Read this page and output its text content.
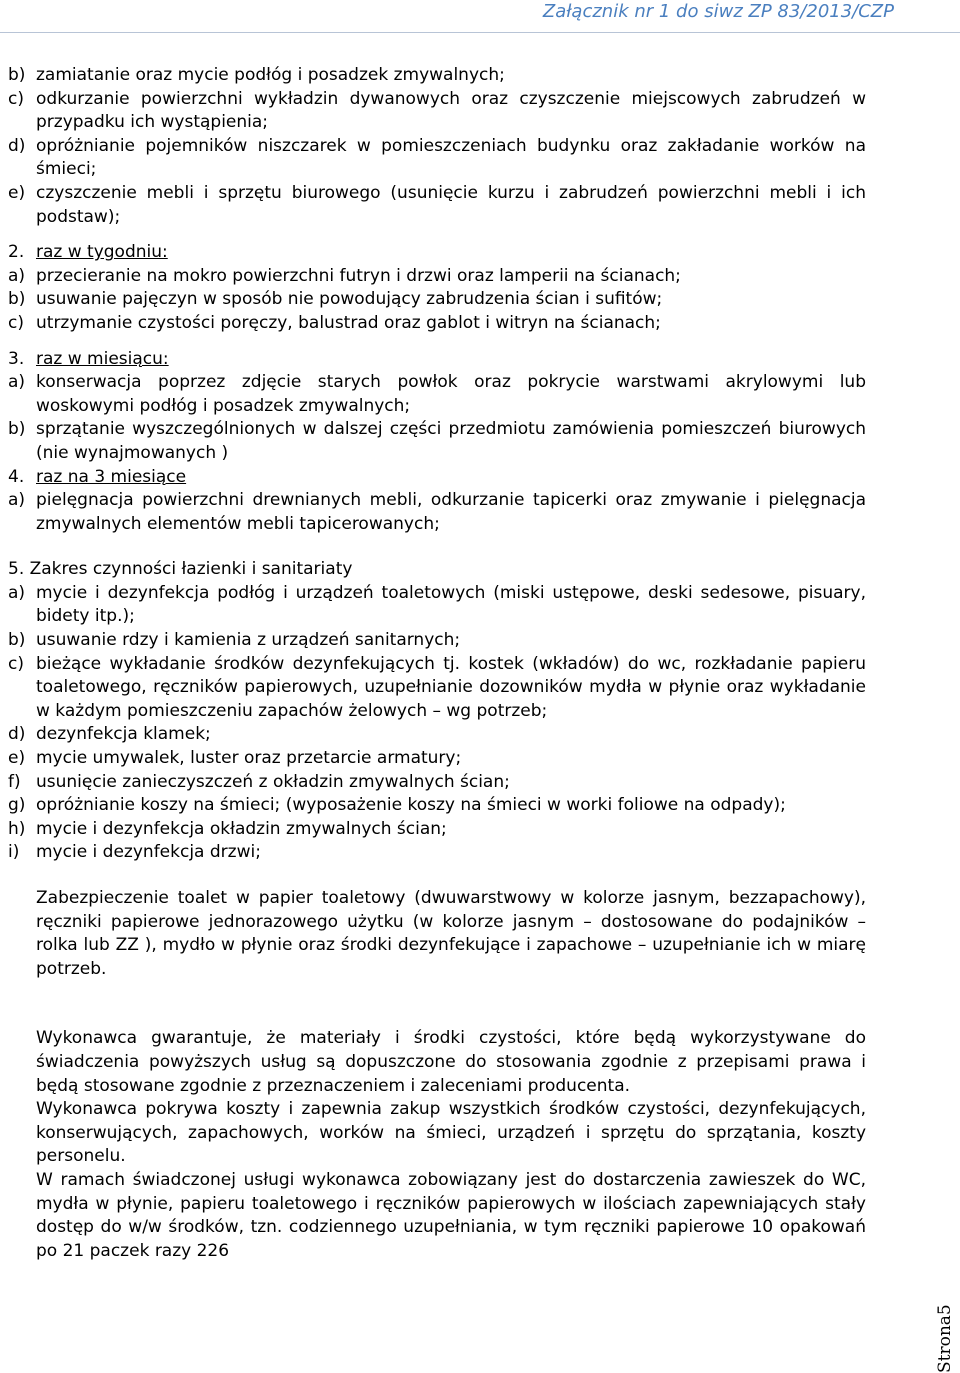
Załącznik nr 1 do siwz ZP 83/2013/CZP
b) zamiatanie oraz mycie podłóg i posadzek zmywalnych;
c) odkurzanie powierzchni wykładzin dywanowych oraz czyszczenie miejscowych zabrudzeń w przypadku ich wystąpienia;
d) opróżnianie pojemników niszczarek w pomieszczeniach budynku oraz zakładanie worków na śmieci;
e) czyszczenie mebli i sprzętu biurowego (usunięcie kurzu i zabrudzeń powierzchni mebli i ich podstaw);
2. raz w tygodniu:
a) przecieranie na mokro powierzchni futryn i drzwi oraz lamperii na ścianach;
b) usuwanie pajęczyn w sposób nie powodujący zabrudzenia ścian i sufitów;
c) utrzymanie czystości poręczy, balustrad oraz gablot i witryn na ścianach;
3. raz w miesiącu:
a) konserwacja poprzez zdjęcie starych powłok oraz pokrycie warstwami akrylowymi lub woskowymi podłóg i posadzek zmywalnych;
b) sprzątanie wyszczególnionych w dalszej części przedmiotu zamówienia pomieszczeń biurowych (nie wynajmowanych )
4. raz na 3 miesiące
a) pielęgnacja powierzchni drewnianych mebli, odkurzanie tapicerki oraz zmywanie i pielęgnacja zmywalnych elementów mebli tapicerowanych;
5. Zakres czynności łazienki i sanitariaty
a) mycie i dezynfekcja podłóg i urządzeń toaletowych (miski ustępowe, deski sedesowe, pisuary, bidety itp.);
b) usuwanie rdzy i kamienia z urządzeń sanitarnych;
c) bieżące wykładanie środków dezynfekujących tj. kostek (wkładów) do wc, rozkładanie papieru toaletowego, ręczników papierowych, uzupełnianie dozowników mydła w płynie oraz wykładanie w każdym pomieszczeniu zapachów żelowych – wg potrzeb;
d) dezynfekcja klamek;
e) mycie umywalek, luster oraz przetarcie armatury;
f) usunięcie zanieczyszczeń z okładzin zmywalnych ścian;
g) opróżnianie koszy na śmieci; (wyposażenie koszy na śmieci w worki foliowe na odpady);
h) mycie i dezynfekcja okładzin zmywalnych ścian;
i) mycie i dezynfekcja drzwi;
Zabezpieczenie toalet w papier toaletowy (dwuwarstwowy w kolorze jasnym, bezzapachowy), ręczniki papierowe jednorazowego użytku (w kolorze jasnym – dostosowane do podajników – rolka lub ZZ ), mydło w płynie oraz środki dezynfekujące i zapachowe – uzupełnianie ich w miarę potrzeb.
Wykonawca gwarantuje, że materiały i środki czystości, które będą wykorzystywane do świadczenia powyższych usług są dopuszczone do stosowania zgodnie z przepisami prawa i będą stosowane zgodnie z przeznaczeniem i zaleceniami producenta.
Wykonawca pokrywa koszty i zapewnia zakup wszystkich środków czystości, dezynfekujących, konserwujących, zapachowych, worków na śmieci, urządzeń i sprzętu do sprzątania, koszty personelu.
W ramach świadczonej usługi wykonawca zobowiązany jest do dostarczenia zawieszek do WC, mydła w płynie, papieru toaletowego i ręczników papierowych w ilościach zapewniających stały dostęp do w/w środków, tzn. codziennego uzupełniania, w tym ręczniki papierowe 10 opakowań po 21 paczek razy 226
Strona5
